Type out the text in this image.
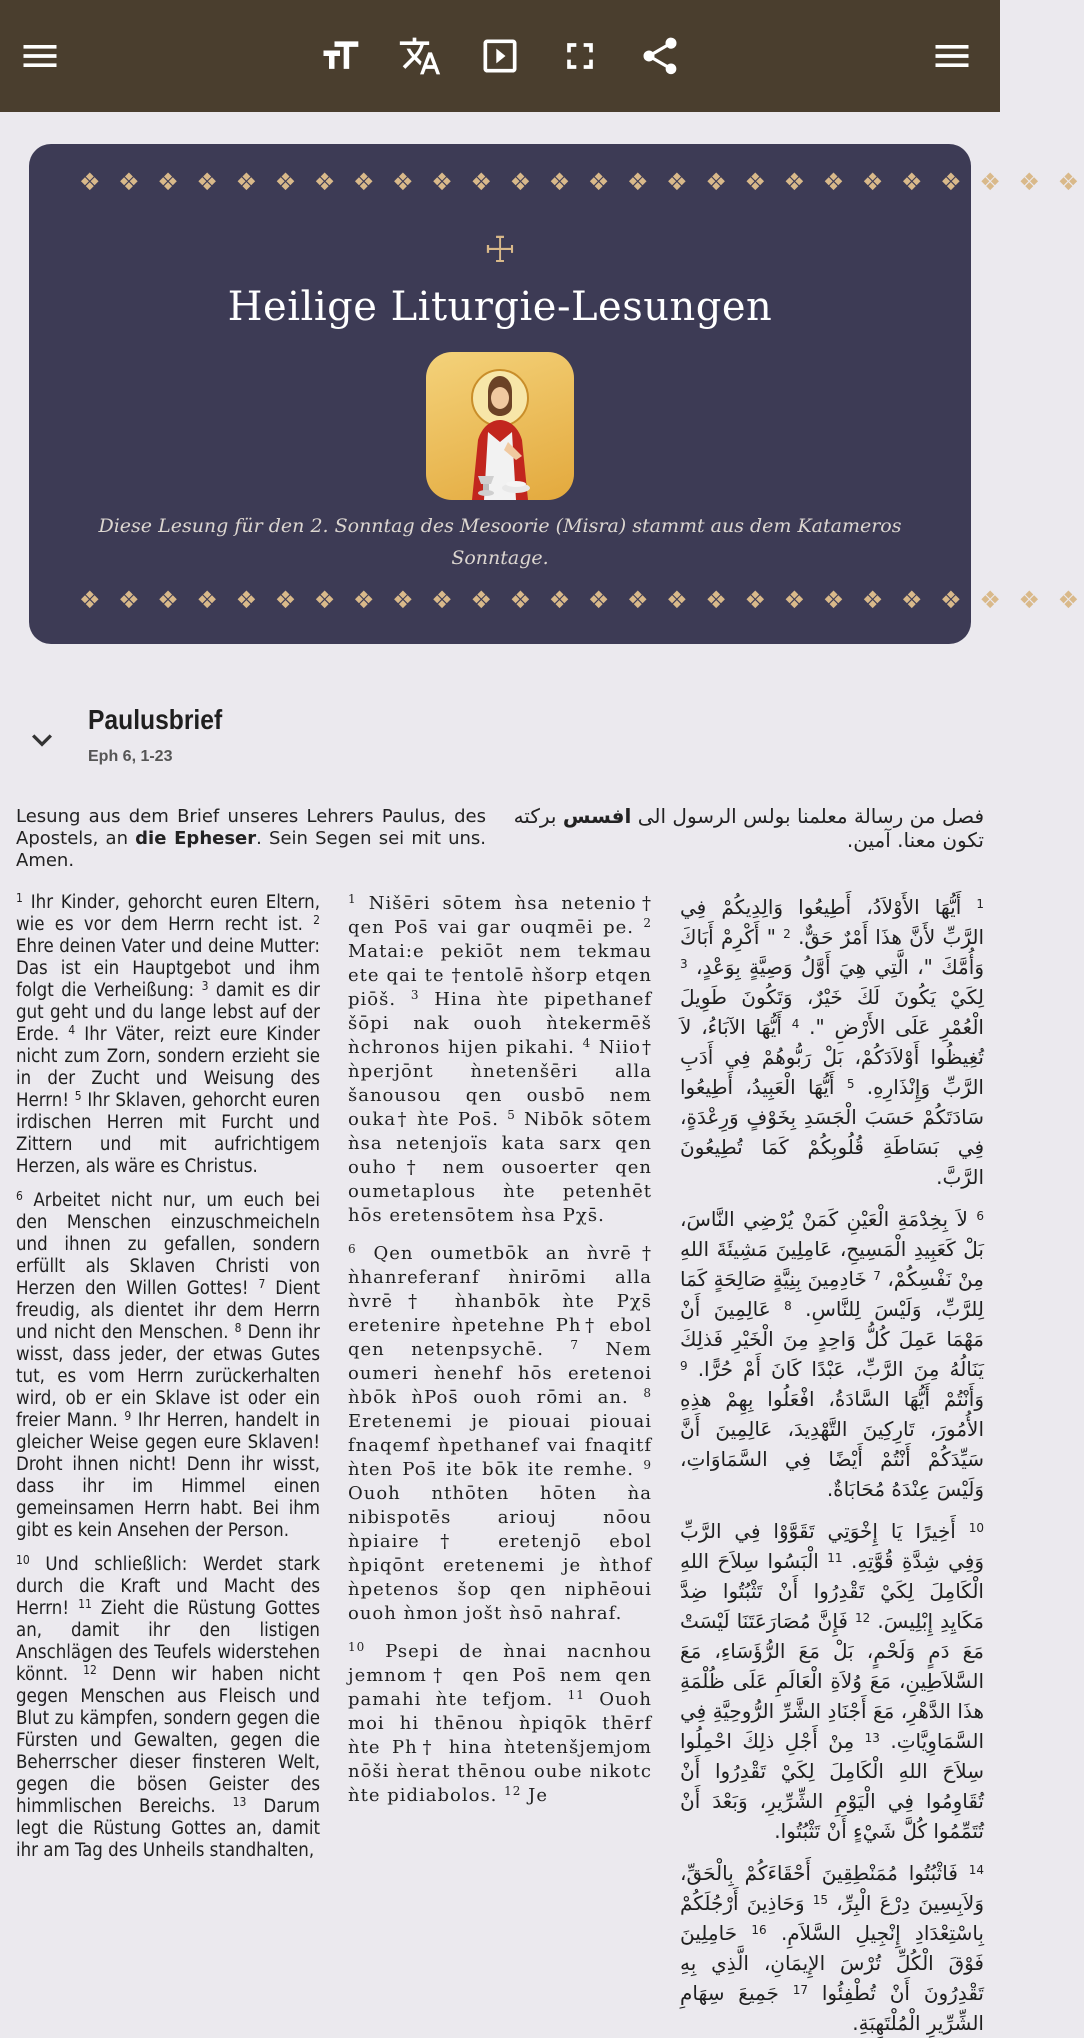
❖ ❖ ❖ ❖ ❖ ❖ ❖ ❖ ❖ ❖ ❖ ❖ ❖ ❖ ❖ ❖ ❖ ❖ ❖ ❖ ❖ ❖ ❖ ❖ ❖ ❖
☩
Heilige Liturgie-Lesungen
Diese Lesung für den 2. Sonntag des Mesoorie (Misra) stammt aus dem Katameros Sonntage.
❖ ❖ ❖ ❖ ❖ ❖ ❖ ❖ ❖ ❖ ❖ ❖ ❖ ❖ ❖ ❖ ❖ ❖ ❖ ❖ ❖ ❖ ❖ ❖ ❖ ❖
Paulusbrief
Eph 6, 1-23
Lesung aus dem Brief unseres Lehrers Paulus, des Apostels, an die Epheser. Sein Segen sei mit uns. Amen.
فصل من رسالة معلمنا بولس الرسول الى افسس بركته تكون معنا. آمين.

$^1$ Ihr Kinder, gehorcht euren Eltern, wie es vor dem Herrn recht ist. $^2$ Ehre deinen Vater und deine Mutter: Das ist ein Hauptgebot und ihm folgt die Verheißung: $^3$ damit es dir gut geht und du lange lebst auf der Erde. $^4$ Ihr Väter, reizt eure Kinder nicht zum Zorn, sondern erzieht sie in der Zucht und Weisung des Herrn! $^5$ Ihr Sklaven, gehorcht euren irdischen Herren mit Furcht und Zittern und mit aufrichtigem Herzen, als wäre es Christus.

$^6$ Arbeitet nicht nur, um euch bei den Menschen einzuschmeicheln und ihnen zu gefallen, sondern erfüllt als Sklaven Christi von Herzen den Willen Gottes! $^7$ Dient freudig, als dientet ihr dem Herrn und nicht den Menschen. $^8$ Denn ihr wisst, dass jeder, der etwas Gutes tut, es vom Herrn zurückerhalten wird, ob er ein Sklave ist oder ein freier Mann. $^9$ Ihr Herren, handelt in gleicher Weise gegen eure Sklaven! Droht ihnen nicht! Denn ihr wisst, dass ihr im Himmel einen gemeinsamen Herrn habt. Bei ihm gibt es kein Ansehen der Person.

$^{10}$ Und schließlich: Werdet stark durch die Kraft und Macht des Herrn! $^{11}$ Zieht die Rüstung Gottes an, damit ihr den listigen Anschlägen des Teufels widerstehen könnt. $^{12}$ Denn wir haben nicht gegen Menschen aus Fleisch und Blut zu kämpfen, sondern gegen die Fürsten und Gewalten, gegen die Beherrscher dieser finsteren Welt, gegen die bösen Geister des himmlischen Bereichs. $^{13}$ Darum legt die Rüstung Gottes an, damit ihr am Tag des Unheils standhalten,

$^1$ Nišēri sōtem ǹsa netenio† qen Pos̄ vai gar ouqmēi pe. $^2$ Matai:e pekiōt nem tekmau ete qai te †entolē ǹšorp etqen piōš. $^3$ Hina ǹte pipethanef šōpi nak ouoh ǹtekermēš ǹchronos hijen pikahi. $^4$ Niio† ǹperjōnt ǹnetenšēri alla šanousou qen ousbō nem ouka† ǹte Pos̄. $^5$ Nibōk sōtem ǹsa netenjoïs kata sarx qen ouho† nem ousoerter qen oumetaplous ǹte petenhēt hōs eretensōtem ǹsa Pχs̄.

$^6$ Qen oumetbōk an ǹvrē† ǹhanreferanf ǹnirōmi alla ǹvrē† ǹhanbōk ǹte Pχs̄ eretenire ǹpetehne Ph† ebol qen netenpsychē. $^7$ Nem oumeri ǹenehf hōs eretenoi ǹbōk ǹPos̄ ouoh rōmi an. $^8$ Eretenemi je piouai piouai fnaqemf ǹpethanef vai fnaqitf ǹten Pos̄ ite bōk ite remhe. $^9$ Ouoh nthōten hōten ǹa nibispotēs ariouj nōou ǹpiaire† eretenjō ebol ǹpiqōnt eretenemi je ǹthof ǹpetenos šop qen niphēoui ouoh ǹmon jošt ǹsō nahraf.

$^{10}$ Psepi de ǹnai nacnhou jemnom† qen Pos̄ nem qen pamahi ǹte tefjom. $^{11}$ Ouoh moi hi thēnou ǹpiqōk thērf ǹte Ph† hina ǹtetenšjemjom nōši ǹerat thēnou oube nikotc ǹte pidiabolos. $^{12}$ Je

$^1$ أَيُّهَا الأَوْلاَدُ، أَطِيعُوا وَالِدِيكُمْ فِي الرَّبِّ لأَنَّ هذَا أَمْرٌ حَقٌّ. $^2$ " أَكْرِمْ أَبَاكَ وَأُمَّكَ "، الَّتِي هِيَ أَوَّلُ وَصِيَّةٍ بِوَعْدٍ، $^3$ لِكَيْ يَكُونَ لَكَ خَيْرٌ، وَتَكُونَ طَوِيلَ الْعُمْرِ عَلَى الأَرْضِ ". $^4$ أَيُّهَا الآبَاءُ، لاَ تُغِيظُوا أَوْلاَدَكُمْ، بَلْ رَبُّوهُمْ فِي أَدَبِ الرَّبِّ وَإِنْذَارِهِ. $^5$ أَيُّهَا الْعَبِيدُ، أَطِيعُوا سَادَتَكُمْ حَسَبَ الْجَسَدِ بِخَوْفٍ وَرِعْدَةٍ، فِي بَسَاطَةِ قُلُوبِكُمْ كَمَا تُطِيعُونَ الرَّبَّ.

$^6$ لاَ بِخِدْمَةِ الْعَيْنِ كَمَنْ يُرْضِي النَّاسَ، بَلْ كَعَبِيدِ الْمَسِيحِ، عَامِلِينَ مَشِيئَةَ اللهِ مِنْ نَفْسِكُمْ، $^7$ خَادِمِينَ بِنِيَّةٍ صَالِحَةٍ كَمَا لِلرَّبِّ، وَلَيْسَ لِلنَّاسِ. $^8$ عَالِمِينَ أَنْ مَهْمَا عَمِلَ كُلُّ وَاحِدٍ مِنَ الْخَيْرِ فَذلِكَ يَنَالُهُ مِنَ الرَّبِّ، عَبْدًا كَانَ أَمْ حُرًّا. $^9$ وَأَنْتُمْ أَيُّهَا السَّادَةُ، افْعَلُوا بِهِمْ هذِهِ الأُمُورَ، تَارِكِينَ التَّهْدِيدَ، عَالِمِينَ أَنَّ سَيِّدَكُمْ أَنْتُمْ أَيْضًا فِي السَّمَاوَاتِ، وَلَيْسَ عِنْدَهُ مُحَابَاةٌ.

$^{10}$ أَخِيرًا يَا إِخْوَتِي تَقَوَّوْا فِي الرَّبِّ وَفِي شِدَّةِ قُوَّتِهِ. $^{11}$ الْبَسُوا سِلاَحَ اللهِ الْكَامِلَ لِكَيْ تَقْدِرُوا أَنْ تَثْبُتُوا ضِدَّ مَكَايِدِ إِبْلِيسَ. $^{12}$ فَإِنَّ مُصَارَعَتَنَا لَيْسَتْ مَعَ دَمٍ وَلَحْمٍ، بَلْ مَعَ الرُّؤَسَاءِ، مَعَ السَّلاَطِينِ، مَعَ وُلاَةِ الْعَالَمِ عَلَى ظُلْمَةِ هذَا الدَّهْرِ، مَعَ أَجْنَادِ الشَّرِّ الرُّوحِيَّةِ فِي السَّمَاوِيَّاتِ. $^{13}$ مِنْ أَجْلِ ذلِكَ احْمِلُوا سِلاَحَ اللهِ الْكَامِلَ لِكَيْ تَقْدِرُوا أَنْ تُقَاوِمُوا فِي الْيَوْمِ الشِّرِّيرِ، وَبَعْدَ أَنْ تُتَمِّمُوا كُلَّ شَيْءٍ أَنْ تَثْبُتُوا.

$^{14}$ فَاثْبُتُوا مُمَنْطِقِينَ أَحْقَاءَكُمْ بِالْحَقِّ، وَلاَبِسِينَ دِرْعَ الْبِرِّ، $^{15}$ وَحَاذِينَ أَرْجُلَكُمْ بِاسْتِعْدَادِ إِنْجِيلِ السَّلاَمِ. $^{16}$ حَامِلِينَ فَوْقَ الْكُلِّ تُرْسَ الإِيمَانِ، الَّذِي بِهِ تَقْدِرُونَ أَنْ تُطْفِئُوا $^{17}$ جَمِيعَ سِهَامِ الشِّرِّيرِ الْمُلْتَهِبَةِ.
